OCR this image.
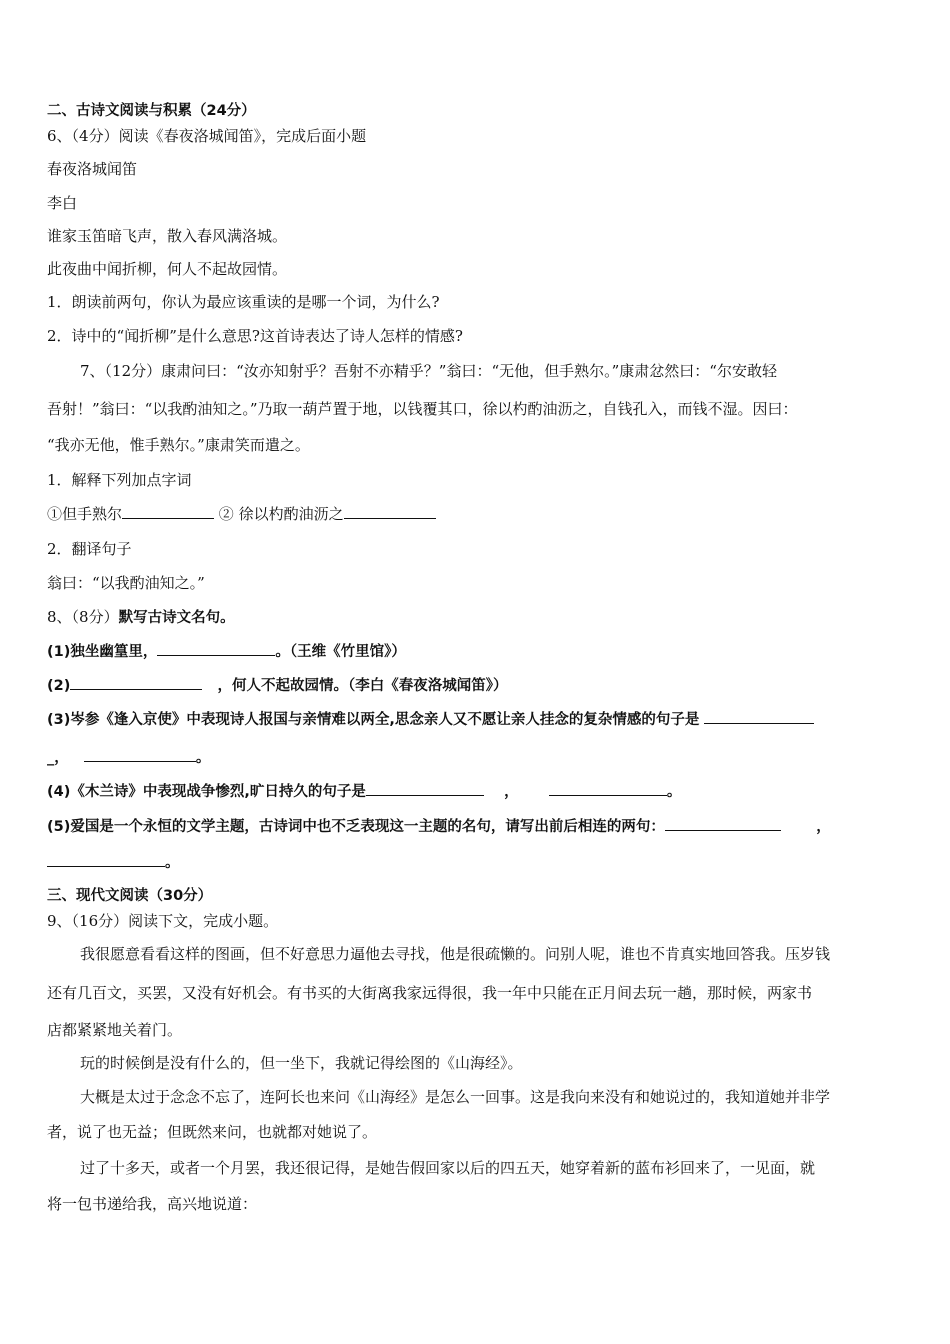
二、古诗文阅读与积累（24分）
6、（4分）阅读《春夜洛城闻笛》，完成后面小题
春夜洛城闻笛
李白
谁家玉笛暗飞声，散入春风满洛城。
此夜曲中闻折柳，何人不起故园情。
1．朗读前两句，你认为最应该重读的是哪一个词，为什么?
2．诗中的“闻折柳”是什么意思?这首诗表达了诗人怎样的情感?
7、（12分）康肃问曰：“汝亦知射乎？吾射不亦精乎？”翁曰：“无他，但手熟尔。”康肃忿然曰：“尔安敢轻
吾射！”翁曰：“以我酌油知之。”乃取一葫芦置于地，以钱覆其口，徐以杓酌油沥之，自钱孔入，而钱不湿。因曰：
“我亦无他，惟手熟尔。”康肃笑而遣之。
1．解释下列加点字词
①但手熟尔	② 徐以杓酌油沥之
2．翻译句子
翁曰：“以我酌油知之。”
8、（8分）默写古诗文名句。
(1)独坐幽篁里，	。（王维《竹里馆》）
(2)	，何人不起故园情。（李白《春夜洛城闻笛》）
(3)岑参《逢入京使》中表现诗人报国与亲情难以两全,思念亲人又不愿让亲人挂念的复杂情感的句子是
_，	。
(4)《木兰诗》中表现战争惨烈,旷日持久的句子是	，	。
(5)爱国是一个永恒的文学主题，古诗词中也不乏表现这一主题的名句，请写出前后相连的两句：	，
。
三、现代文阅读（30分）
9、（16分）阅读下文，完成小题。
我很愿意看看这样的图画，但不好意思力逼他去寻找，他是很疏懒的。问别人呢，谁也不肯真实地回答我。压岁钱
还有几百文，买罢，又没有好机会。有书买的大街离我家远得很，我一年中只能在正月间去玩一趟，那时候，两家书
店都紧紧地关着门。
玩的时候倒是没有什么的，但一坐下，我就记得绘图的《山海经》。
大概是太过于念念不忘了，连阿长也来问《山海经》是怎么一回事。这是我向来没有和她说过的，我知道她并非学
者，说了也无益；但既然来问，也就都对她说了。
过了十多天，或者一个月罢，我还很记得，是她告假回家以后的四五天，她穿着新的蓝布衫回来了，一见面，就
将一包书递给我，高兴地说道：
